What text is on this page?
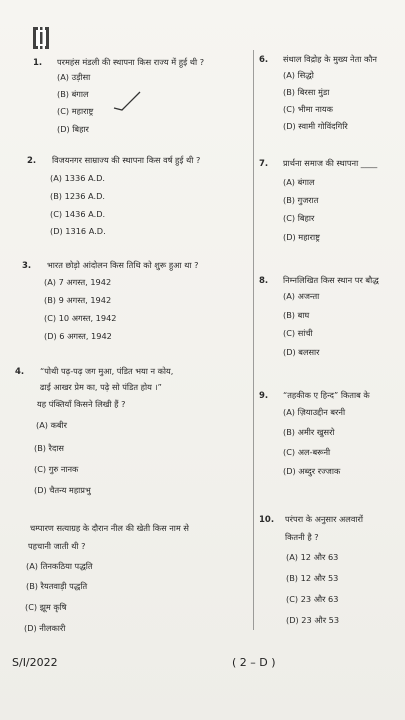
1. परमहंस मंडली की स्थापना किस राज्य में हुई थी ?
(A) उड़ीसा
(B) बंगाल
(C) महाराष्ट्र
(D) बिहार
2. विजयनगर साम्राज्य की स्थापना किस वर्ष हुई थी ?
(A) 1336 A.D.
(B) 1236 A.D.
(C) 1436 A.D.
(D) 1316 A.D.
3. भारत छोड़ो आंदोलन किस तिथि को शुरू हुआ था ?
(A) 7 अगस्त, 1942
(B) 9 अगस्त, 1942
(C) 10 अगस्त, 1942
(D) 6 अगस्त, 1942
4. “पोथी पढ़-पढ़ जग मुआ, पंडित भया न कोय,
ढाई आखर प्रेम का, पढ़े सो पंडित होय ।”
यह पंक्तियाँ किसने लिखी हैं ?
(A) कबीर
(B) रैदास
(C) गुरु नानक
(D) चैतन्य महाप्रभु
चम्पारण सत्याग्रह के दौरान नील की खेती किस नाम से
पहचानी जाती थी ?
(A) तिनकठिया पद्धति
(B) रैयतवाड़ी पद्धति
(C) झूम कृषि
(D) नीलकारी
6. संथाल विद्रोह के मुख्य नेता कौन
(A) सिद्धो
(B) बिरसा मुंडा
(C) भीमा नायक
(D) स्वामी गोविंदगिरि
7. प्रार्थना समाज की स्थापना ____
(A) बंगाल
(B) गुजरात
(C) बिहार
(D) महाराष्ट्र
8. निम्नलिखित किस स्थान पर बौद्ध
(A) अजन्ता
(B) बाघ
(C) सांची
(D) बलसार
9. “तहकीक ए हिन्द” किताब के
(A) ज़ियाउद्दीन बरनी
(B) अमीर खुसरो
(C) अल-बरूनी
(D) अब्दुर रज्जाक
10. परंपरा के अनुसार अलवारों
कितनी है ?
(A) 12 और 63
(B) 12 और 53
(C) 23 और 63
(D) 23 और 53
S/I/2022	( 2 – D )
